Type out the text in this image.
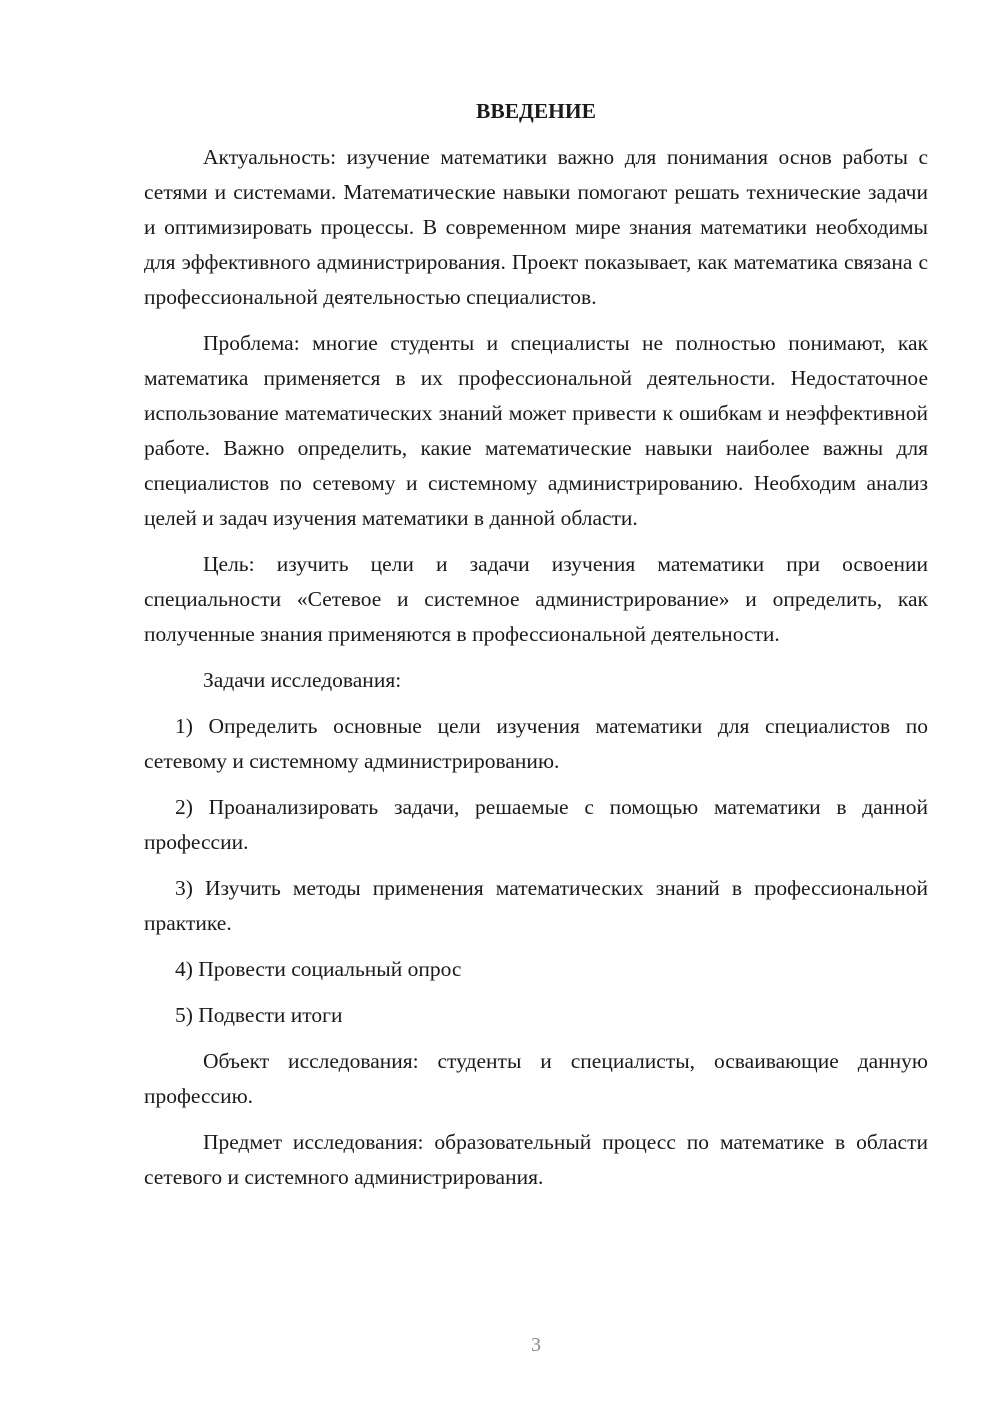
ВВЕДЕНИЕ

Актуальность: изучение математики важно для понимания основ работы с сетями и системами. Математические навыки помогают решать технические задачи и оптимизировать процессы. В современном мире знания математики необходимы для эффективного администрирования. Проект показывает, как математика связана с профессиональной деятельностью специалистов.

Проблема: многие студенты и специалисты не полностью понимают, как математика применяется в их профессиональной деятельности. Недостаточное использование математических знаний может привести к ошибкам и неэффективной работе. Важно определить, какие математические навыки наиболее важны для специалистов по сетевому и системному администрированию. Необходим анализ целей и задач изучения математики в данной области.

Цель: изучить цели и задачи изучения математики при освоении специальности «Сетевое и системное администрирование» и определить, как полученные знания применяются в профессиональной деятельности.

Задачи исследования:

1) Определить основные цели изучения математики для специалистов по сетевому и системному администрированию.

2) Проанализировать задачи, решаемые с помощью математики в данной профессии.

3) Изучить методы применения математических знаний в профессиональной практике.

4) Провести социальный опрос

5) Подвести итоги

Объект исследования: студенты и специалисты, осваивающие данную профессию.

Предмет исследования: образовательный процесс по математике в области сетевого и системного администрирования.

3
